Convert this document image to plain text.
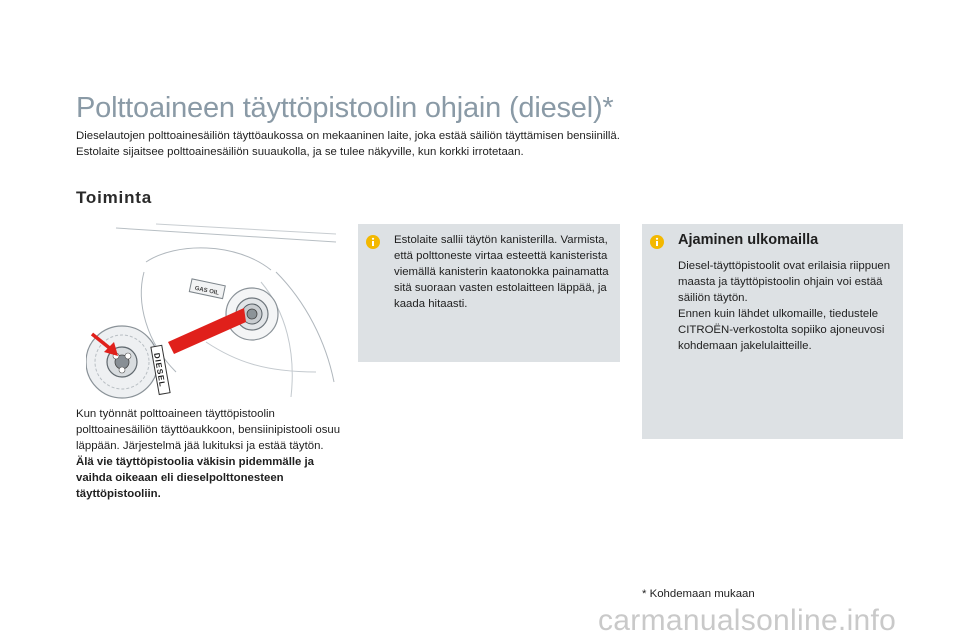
Polttoaineen täyttöpistoolin ohjain (diesel)*

Dieselautojen polttoainesäiliön täyttöaukossa on mekaaninen laite, joka estää säiliön täyttämisen bensiinillä.

Estolaite sijaitsee polttoainesäiliön suuaukolla, ja se tulee näkyville, kun korkki irrotetaan.

Toiminta
GAS OIL
DIESEL

Kun työnnät polttoaineen täyttöpistoolin polttoainesäiliön täyttöaukkoon, bensiinipistooli osuu läppään. Järjestelmä jää lukituksi ja estää täytön.

Älä vie täyttöpistoolia väkisin pidemmälle ja vaihda oikeaan eli dieselpolttonesteen täyttöpistooliin.

Estolaite sallii täytön kanisterilla. Varmista, että polttoneste virtaa esteettä kanisterista viemällä kanisterin kaatonokka painamatta sitä suoraan vasten estolaitteen läppää, ja kaada hitaasti.

Ajaminen ulkomailla

Diesel-täyttöpistoolit ovat erilaisia riippuen maasta ja täyttöpistoolin ohjain voi estää säiliön täytön.

Ennen kuin lähdet ulkomaille, tiedustele CITROËN-verkostolta sopiiko ajoneuvosi kohdemaan jakelulaitteille.

* Kohdemaan mukaan
carmanualsonline.info
